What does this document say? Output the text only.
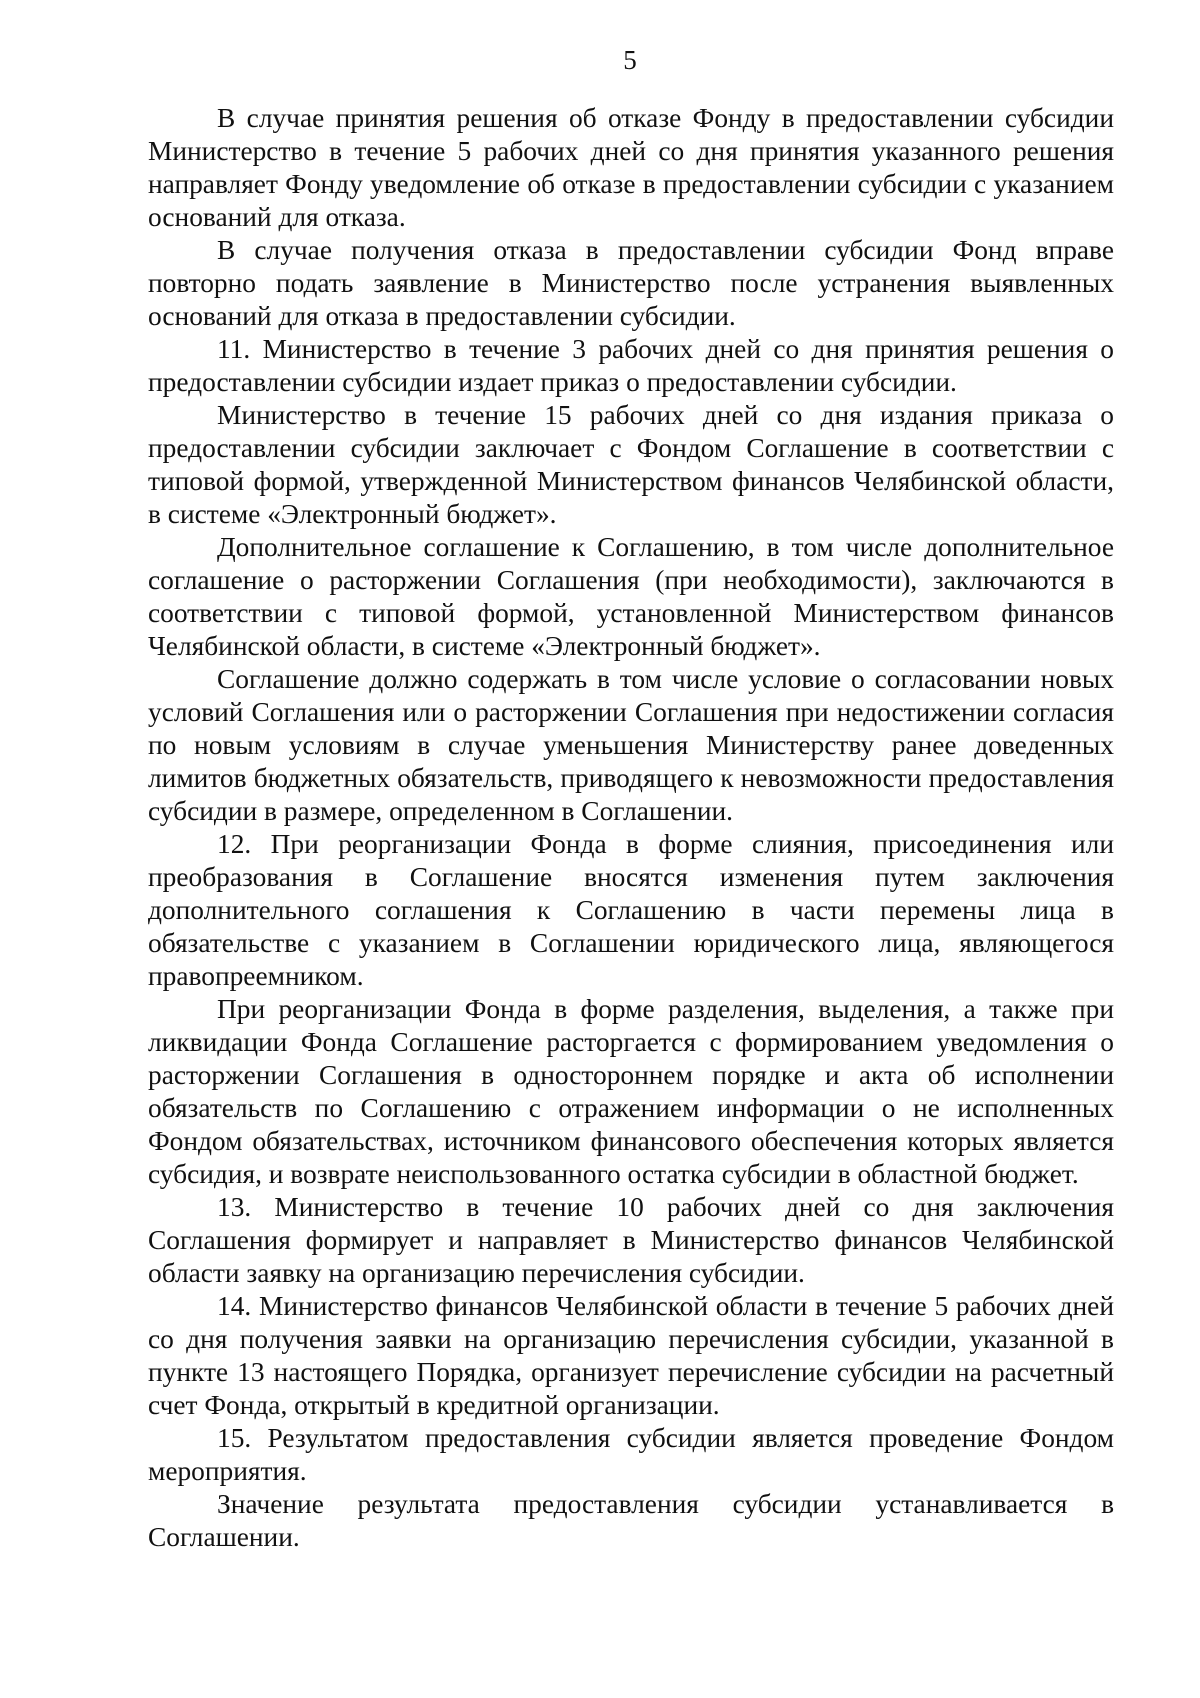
5

В случае принятия решения об отказе Фонду в предоставлении субсидии Министерство в течение 5 рабочих дней со дня принятия указанного решения направляет Фонду уведомление об отказе в предоставлении субсидии с указанием оснований для отказа.

В случае получения отказа в предоставлении субсидии Фонд вправе повторно подать заявление в Министерство после устранения выявленных оснований для отказа в предоставлении субсидии.

11. Министерство в течение 3 рабочих дней со дня принятия решения о предоставлении субсидии издает приказ о предоставлении субсидии.

Министерство в течение 15 рабочих дней со дня издания приказа о предоставлении субсидии заключает с Фондом Соглашение в соответствии с типовой формой, утвержденной Министерством финансов Челябинской области, в системе «Электронный бюджет».

Дополнительное соглашение к Соглашению, в том числе дополнительное соглашение о расторжении Соглашения (при необходимости), заключаются в соответствии с типовой формой, установленной Министерством финансов Челябинской области, в системе «Электронный бюджет».

Соглашение должно содержать в том числе условие о согласовании новых условий Соглашения или о расторжении Соглашения при недостижении согласия по новым условиям в случае уменьшения Министерству ранее доведенных лимитов бюджетных обязательств, приводящего к невозможности предоставления субсидии в размере, определенном в Соглашении.

12. При реорганизации Фонда в форме слияния, присоединения или преобразования в Соглашение вносятся изменения путем заключения дополнительного соглашения к Соглашению в части перемены лица в обязательстве с указанием в Соглашении юридического лица, являющегося правопреемником.

При реорганизации Фонда в форме разделения, выделения, а также при ликвидации Фонда Соглашение расторгается с формированием уведомления о расторжении Соглашения в одностороннем порядке и акта об исполнении обязательств по Соглашению с отражением информации о не исполненных Фондом обязательствах, источником финансового обеспечения которых является субсидия, и возврате неиспользованного остатка субсидии в областной бюджет.

13. Министерство в течение 10 рабочих дней со дня заключения Соглашения формирует и направляет в Министерство финансов Челябинской области заявку на организацию перечисления субсидии.

14. Министерство финансов Челябинской области в течение 5 рабочих дней со дня получения заявки на организацию перечисления субсидии, указанной в пункте 13 настоящего Порядка, организует перечисление субсидии на расчетный счет Фонда, открытый в кредитной организации.

15. Результатом предоставления субсидии является проведение Фондом мероприятия.

Значение результата предоставления субсидии устанавливается в Соглашении.
